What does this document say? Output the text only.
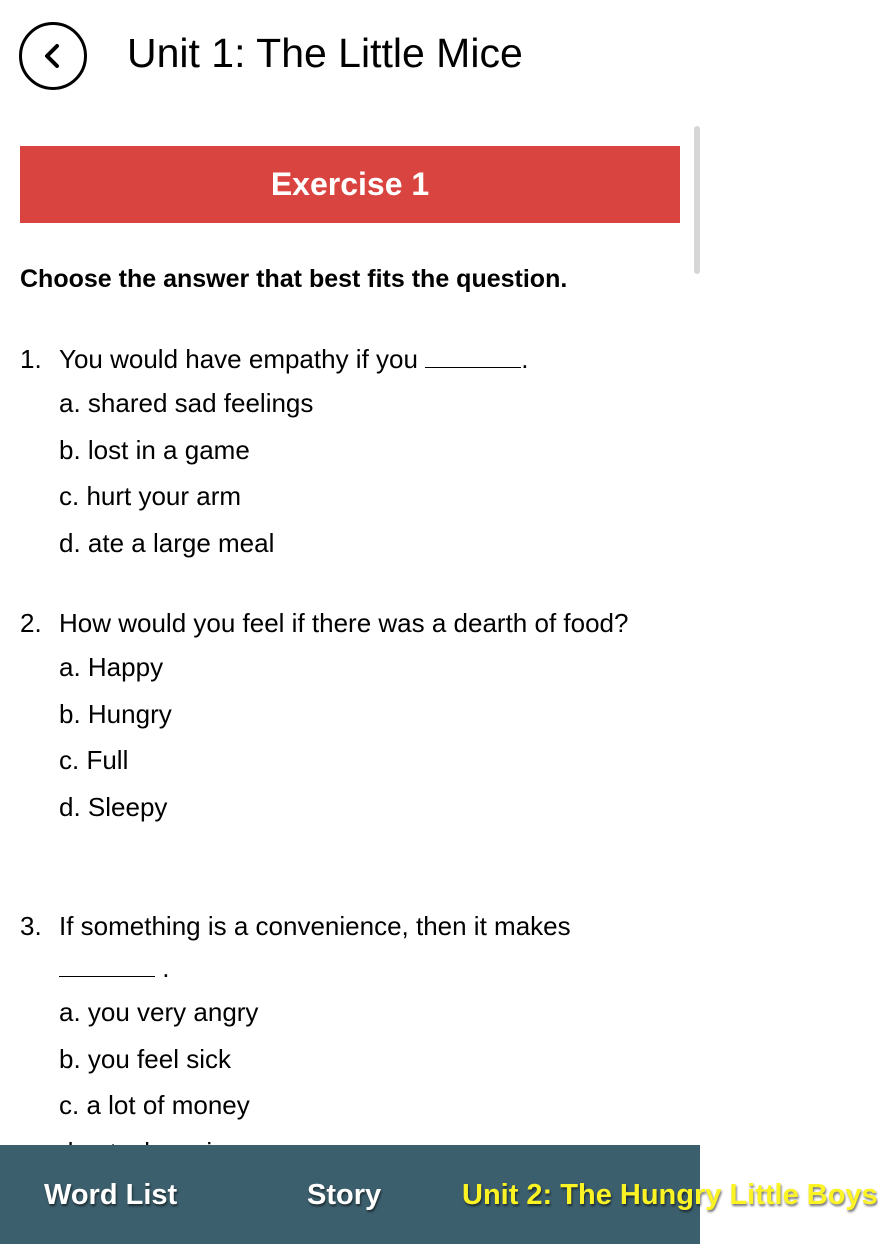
Unit 1: The Little Mice
Exercise 1
Choose the answer that best fits the question.
1. You would have empathy if you	.
a. shared sad feelings
b. lost in a game
c. hurt your arm
d. ate a large meal
2. How would you feel if there was a dearth of food?
a. Happy
b. Hungry
c. Full
d. Sleepy
3. If something is a convenience, then it makes
.
a. you very angry
b. you feel sick
c. a lot of money
Word List	Story	Unit 2: The Hungry Little Boys
